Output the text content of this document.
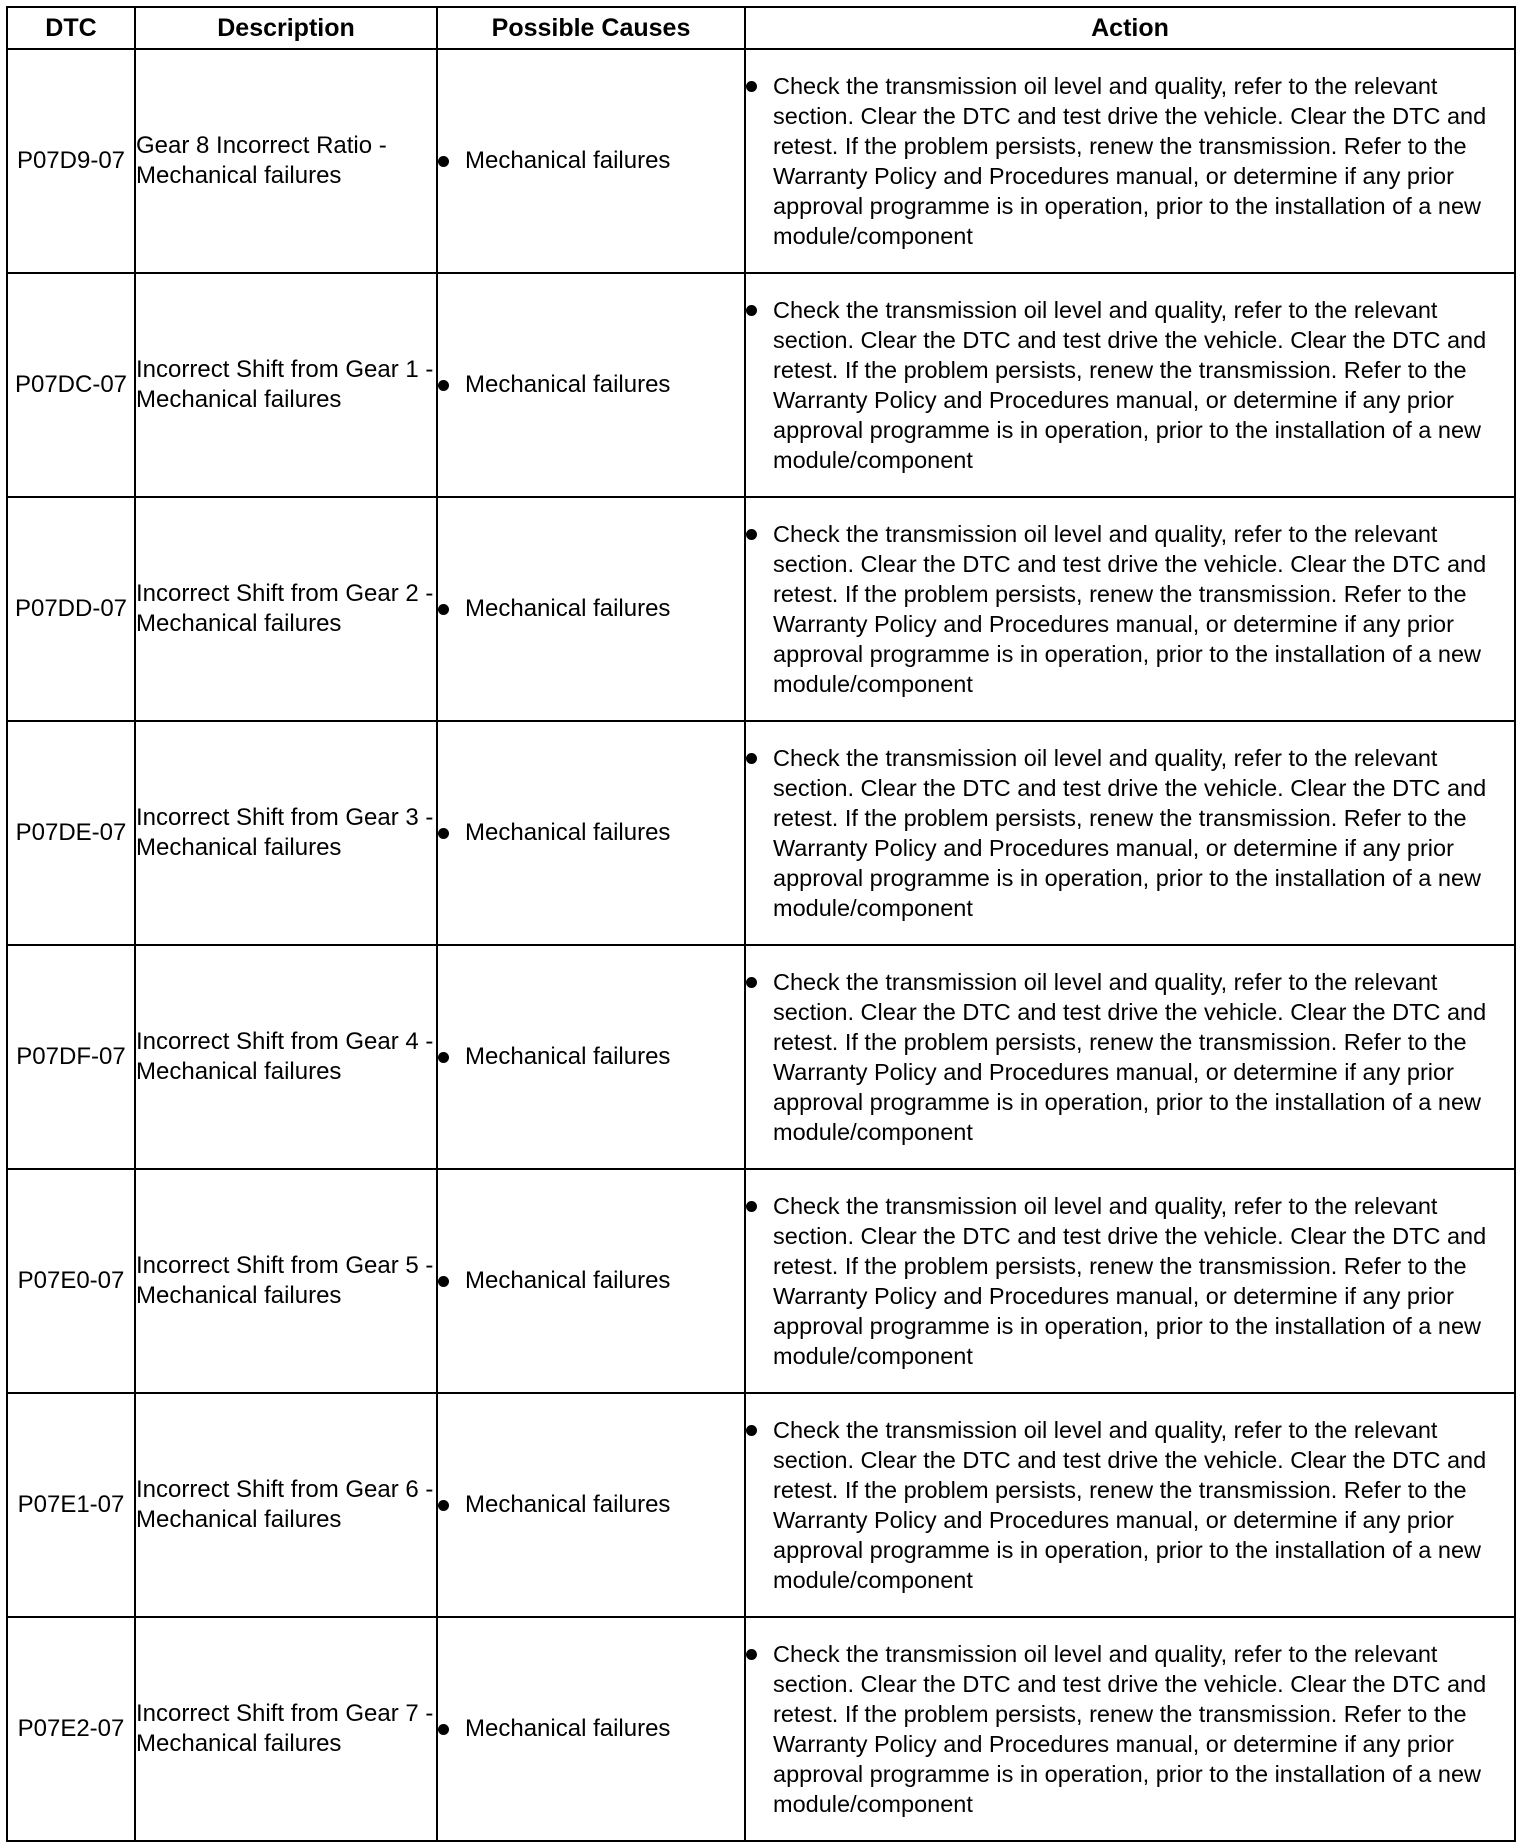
DTC	Description	Possible Causes	Action
P07D9-07	Gear 8 Incorrect Ratio - Mechanical failures	Mechanical failures	Check the transmission oil level and quality, refer to the relevant section. Clear the DTC and test drive the vehicle. Clear the DTC and retest. If the problem persists, renew the transmission. Refer to the Warranty Policy and Procedures manual, or determine if any prior approval programme is in operation, prior to the installation of a new module/component

P07DC-07	Incorrect Shift from Gear 1 - Mechanical failures	Mechanical failures	Check the transmission oil level and quality, refer to the relevant section. Clear the DTC and test drive the vehicle. Clear the DTC and retest. If the problem persists, renew the transmission. Refer to the Warranty Policy and Procedures manual, or determine if any prior approval programme is in operation, prior to the installation of a new module/component

P07DD-07	Incorrect Shift from Gear 2 - Mechanical failures	Mechanical failures	Check the transmission oil level and quality, refer to the relevant section. Clear the DTC and test drive the vehicle. Clear the DTC and retest. If the problem persists, renew the transmission. Refer to the Warranty Policy and Procedures manual, or determine if any prior approval programme is in operation, prior to the installation of a new module/component

P07DE-07	Incorrect Shift from Gear 3 - Mechanical failures	Mechanical failures	Check the transmission oil level and quality, refer to the relevant section. Clear the DTC and test drive the vehicle. Clear the DTC and retest. If the problem persists, renew the transmission. Refer to the Warranty Policy and Procedures manual, or determine if any prior approval programme is in operation, prior to the installation of a new module/component

P07DF-07	Incorrect Shift from Gear 4 - Mechanical failures	Mechanical failures	Check the transmission oil level and quality, refer to the relevant section. Clear the DTC and test drive the vehicle. Clear the DTC and retest. If the problem persists, renew the transmission. Refer to the Warranty Policy and Procedures manual, or determine if any prior approval programme is in operation, prior to the installation of a new module/component

P07E0-07	Incorrect Shift from Gear 5 - Mechanical failures	Mechanical failures	Check the transmission oil level and quality, refer to the relevant section. Clear the DTC and test drive the vehicle. Clear the DTC and retest. If the problem persists, renew the transmission. Refer to the Warranty Policy and Procedures manual, or determine if any prior approval programme is in operation, prior to the installation of a new module/component

P07E1-07	Incorrect Shift from Gear 6 - Mechanical failures	Mechanical failures	Check the transmission oil level and quality, refer to the relevant section. Clear the DTC and test drive the vehicle. Clear the DTC and retest. If the problem persists, renew the transmission. Refer to the Warranty Policy and Procedures manual, or determine if any prior approval programme is in operation, prior to the installation of a new module/component

P07E2-07	Incorrect Shift from Gear 7 - Mechanical failures	Mechanical failures	Check the transmission oil level and quality, refer to the relevant section. Clear the DTC and test drive the vehicle. Clear the DTC and retest. If the problem persists, renew the transmission. Refer to the Warranty Policy and Procedures manual, or determine if any prior approval programme is in operation, prior to the installation of a new module/component
